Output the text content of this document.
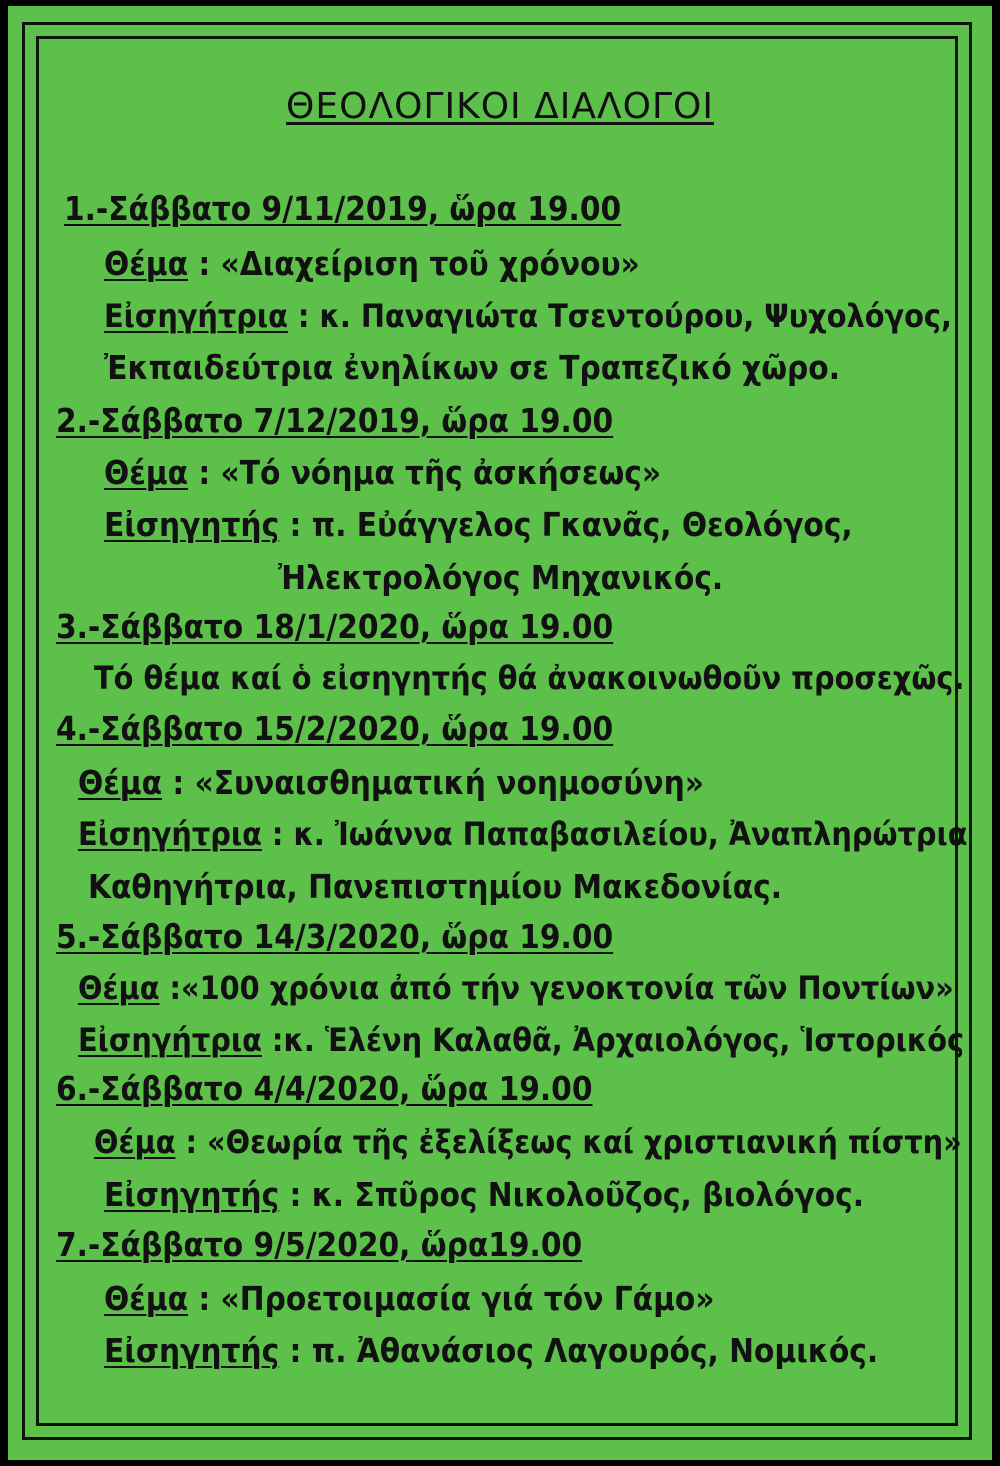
ΘΕΟΛΟΓΙΚΟΙ ΔΙΑΛΟΓΟΙ
1.-Σάββατο 9/11/2019, ὥρα 19.00
Θέμα : «Διαχείριση τοῦ χρόνου»
Εἰσηγήτρια : κ. Παναγιώτα Τσεντούρου, Ψυχολόγος,
Ἐκπαιδεύτρια ἐνηλίκων σε Τραπεζικό χῶρο.
2.-Σάββατο 7/12/2019, ὥρα 19.00
Θέμα : «Τό νόημα τῆς ἀσκήσεως»
Εἰσηγητής : π. Εὐάγγελος Γκανᾶς, Θεολόγος,
Ἠλεκτρολόγος Μηχανικός.
3.-Σάββατο 18/1/2020, ὥρα 19.00
Τό θέμα καί ὁ εἰσηγητής θά ἀνακοινωθοῦν προσεχῶς.
4.-Σάββατο 15/2/2020, ὥρα 19.00
Θέμα : «Συναισθηματική νοημοσύνη»
Εἰσηγήτρια : κ. Ἰωάννα Παπαβασιλείου, Ἀναπληρώτρια
Καθηγήτρια, Πανεπιστημίου Μακεδονίας.
5.-Σάββατο 14/3/2020, ὥρα 19.00
Θέμα :«100 χρόνια ἀπό τήν γενοκτονία τῶν Ποντίων»
Εἰσηγήτρια :κ. Ἑλένη Καλαθᾶ, Ἀρχαιολόγος, Ἱστορικός
6.-Σάββατο 4/4/2020, ὥρα 19.00
Θέμα : «Θεωρία τῆς ἐξελίξεως καί χριστιανική πίστη»
Εἰσηγητής : κ. Σπῦρος Νικολοῦζος, βιολόγος.
7.-Σάββατο 9/5/2020, ὥρα19.00
Θέμα : «Προετοιμασία γιά τόν Γάμο»
Εἰσηγητής : π. Ἀθανάσιος Λαγουρός, Νομικός.
